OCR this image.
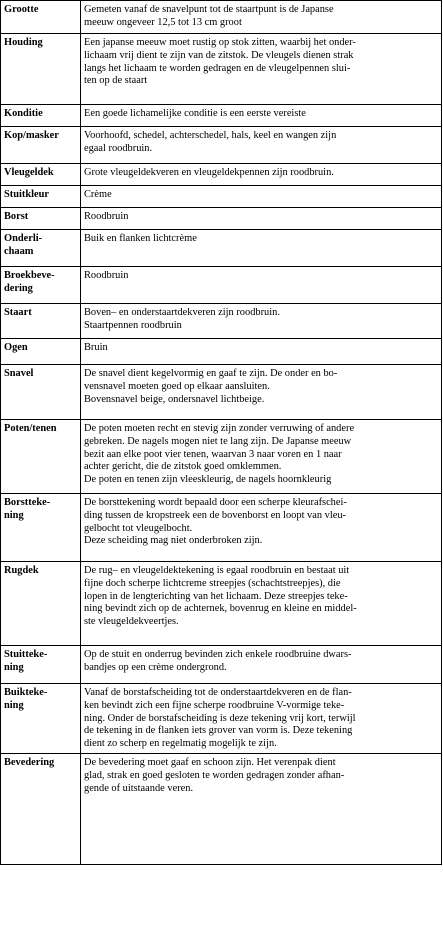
Grootte	Gemeten vanaf de snavelpunt tot de staartpunt is de Japanse
meeuw ongeveer 12,5 tot 13 cm groot

Houding	Een japanse meeuw moet rustig op stok zitten, waarbij het onder-
lichaam vrij dient te zijn van de zitstok. De vleugels dienen strak
langs het lichaam te worden gedragen en de vleugelpennen slui-
ten op de staart

Konditie	Een goede lichamelijke conditie is een eerste vereiste

Kop/masker	Voorhoofd, schedel, achterschedel, hals, keel en wangen zijn
egaal roodbruin.

Vleugeldek	Grote vleugeldekveren en vleugeldekpennen zijn roodbruin.

Stuitkleur	Crème

Borst	Roodbruin

Onderli-
chaam	Buik en flanken lichtcrème

Broekbeve-
dering	Roodbruin

Staart	Boven– en onderstaartdekveren zijn roodbruin.
Staartpennen roodbruin

Ogen	Bruin

Snavel	De snavel dient kegelvormig en gaaf te zijn. De onder en bo-
vensnavel moeten goed op elkaar aansluiten.
Bovensnavel beige, ondersnavel lichtbeige.

Poten/tenen	De poten moeten recht en stevig zijn zonder verruwing of andere
gebreken. De nagels mogen niet te lang zijn. De Japanse meeuw
bezit aan elke poot vier tenen, waarvan 3 naar voren en 1 naar
achter gericht, die de zitstok goed omklemmen.
De poten en tenen zijn vleeskleurig, de nagels hoornkleurig

Borstteke-
ning	De borsttekening wordt bepaald door een scherpe kleurafschei-
ding tussen de kropstreek een de bovenborst en loopt van vleu-
gelbocht tot vleugelbocht.
Deze scheiding mag niet onderbroken zijn.

Rugdek	De rug– en vleugeldektekening is egaal roodbruin en bestaat uit
fijne doch scherpe lichtcreme streepjes (schachtstreepjes), die
lopen in de lengterichting van het lichaam. Deze streepjes teke-
ning bevindt zich op de achternek, bovenrug en kleine en middel-
ste vleugeldekveertjes.

Stuitteke-
ning	Op de stuit en onderrug bevinden zich enkele roodbruine dwars-
bandjes op een crème ondergrond.

Buikteke-
ning	Vanaf de borstafscheiding tot de onderstaartdekveren en de flan-
ken bevindt zich een fijne scherpe roodbruine V-vormige teke-
ning. Onder de borstafscheiding is deze tekening vrij kort, terwijl
de tekening in de flanken iets grover van vorm is. Deze tekening
dient zo scherp en regelmatig mogelijk te zijn.

Bevedering	De bevedering moet gaaf en schoon zijn. Het verenpak dient
glad, strak en goed gesloten te worden gedragen zonder afhan-
gende of uitstaande veren.
